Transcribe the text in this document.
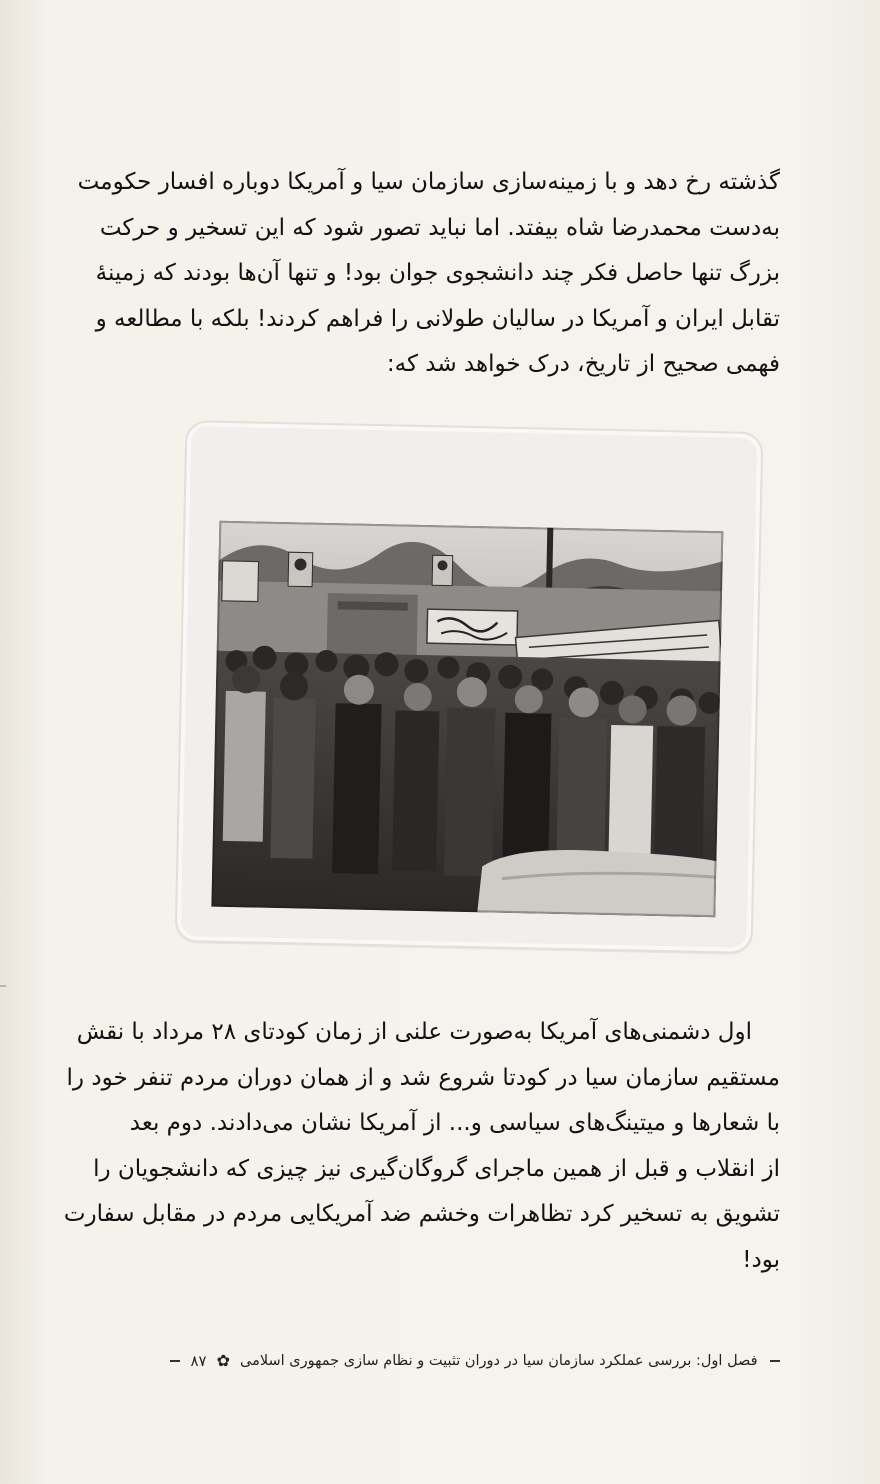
گذشته رخ دهد و با زمینه‌سازی سازمان سیا و آمریکا دوباره افسار حکومت
به‌دست محمدرضا شاه بیفتد. اما نباید تصور شود که این تسخیر و حرکت
بزرگ تنها حاصل فکر چند دانشجوی جوان بود! و تنها آن‌ها بودند که زمینهٔ
تقابل ایران و آمریکا در سالیان طولانی را فراهم کردند! بلکه با مطالعه و
فهمی صحیح از تاریخ، درک خواهد شد که:
اول دشمنی‌های آمریکا به‌صورت علنی از زمان کودتای ۲۸ مرداد با نقش
مستقیم سازمان سیا در کودتا شروع شد و از همان دوران مردم تنفر خود را
با شعارها و میتینگ‌های سیاسی و... از آمریکا نشان می‌دادند. دوم بعد
از انقلاب و قبل از همین ماجرای گروگان‌گیری نیز چیزی که دانشجویان را
تشویق به تسخیر کرد تظاهرات وخشم ضد آمریکایی مردم در مقابل سفارت
بود!
فصل اول: بررسی عملکرد سازمان سیا در دوران تثبیت و نظام سازی جمهوری اسلامی
✿
۸۷
